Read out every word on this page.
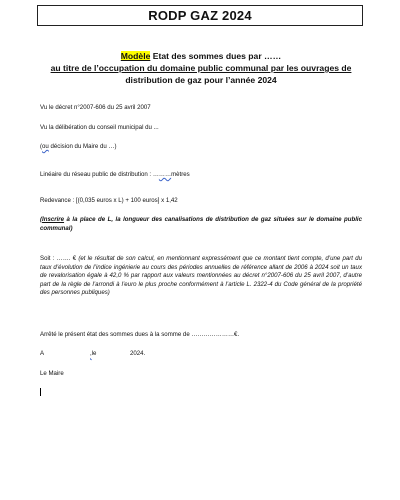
RODP GAZ 2024
Modèle Etat des sommes dues par ……
au titre de l’occupation du domaine public communal par les ouvrages de
distribution de gaz pour l’année 2024
Vu le décret n°2007-606 du 25 avril 2007
Vu la délibération du conseil municipal du ...
(ou décision du Maire du …)
Linéaire du réseau public de distribution : ………mètres
Redevance : [(0,035 euros x L) + 100 euros] x 1,42
(Inscrire à la place de L, la longueur des canalisations de distribution de gaz situées sur le domaine public communal)
Soit : ……. € (et le résultat de son calcul, en mentionnant expressément que ce montant tient compte, d’une part du taux d’évolution de l’indice ingénierie au cours des périodes annuelles de référence allant de 2006 à 2024 soit un taux de revalorisation égale à 42,0 % par rapport aux valeurs mentionnées au décret n°2007-606 du 25 avril 2007, d’autre part de la règle de l’arrondi à l’euro le plus proche conformément à l’article L. 2322-4 du Code général de la propriété des personnes publiques)
Arrêté le présent état des sommes dues à la somme de …………………€.
A	,le	2024.
Le Maire
